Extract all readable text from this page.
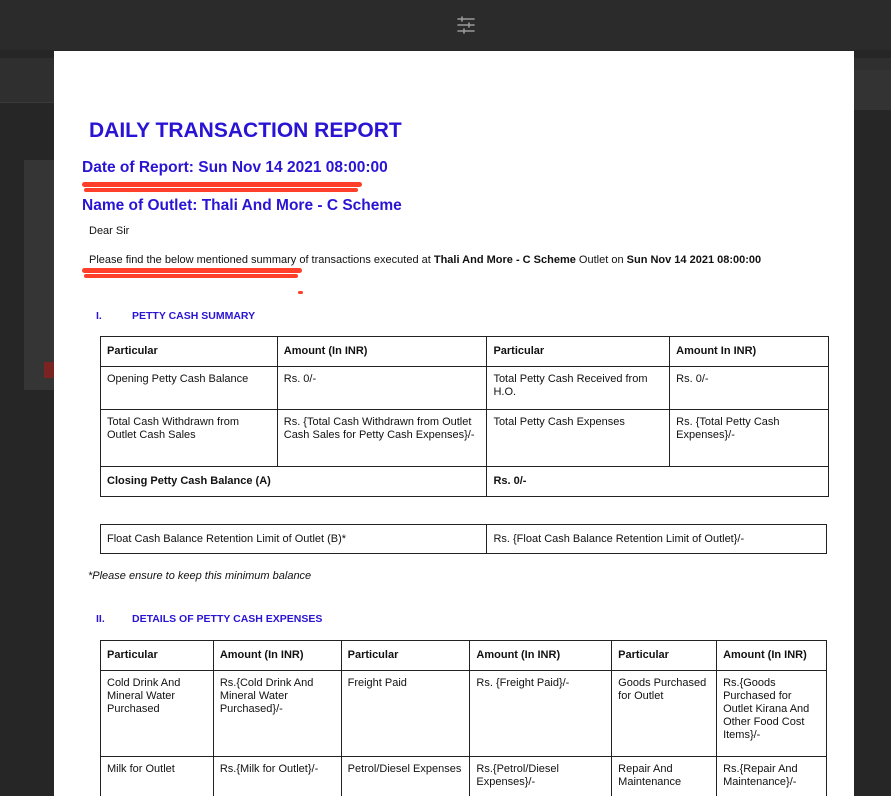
DAILY TRANSACTION REPORT
Date of Report: Sun Nov 14 2021 08:00:00
Name of Outlet: Thali And More - C Scheme
Dear Sir
Please find the below mentioned summary of transactions executed at Thali And More - C Scheme Outlet on Sun Nov 14 2021 08:00:00
I.	PETTY CASH SUMMARY
Particular	Amount (In INR)	Particular	Amount In INR)
Opening Petty Cash Balance	Rs. 0/-	Total Petty Cash Received from H.O.	Rs. 0/-
Total Cash Withdrawn from Outlet Cash Sales	Rs. {Total Cash Withdrawn from Outlet Cash Sales for Petty Cash Expenses}/-	Total Petty Cash Expenses	Rs. {Total Petty Cash Expenses}/-
Closing Petty Cash Balance (A)		Rs. 0/-	
Float Cash Balance Retention Limit of Outlet (B)*	Rs. {Float Cash Balance Retention Limit of Outlet}/-
*Please ensure to keep this minimum balance
II.	DETAILS OF PETTY CASH EXPENSES
Particular	Amount (In INR)	Particular	Amount (In INR)	Particular	Amount (In INR)
Cold Drink And Mineral Water Purchased	Rs.{Cold Drink And Mineral Water Purchased}/-	Freight Paid	Rs. {Freight Paid}/-	Goods Purchased for Outlet	Rs.{Goods Purchased for Outlet Kirana And Other Food Cost Items}/-
Milk for Outlet	Rs.{Milk for Outlet}/-	Petrol/Diesel Expenses	Rs.{Petrol/Diesel Expenses}/-	Repair And Maintenance	Rs.{Repair And Maintenance}/-
